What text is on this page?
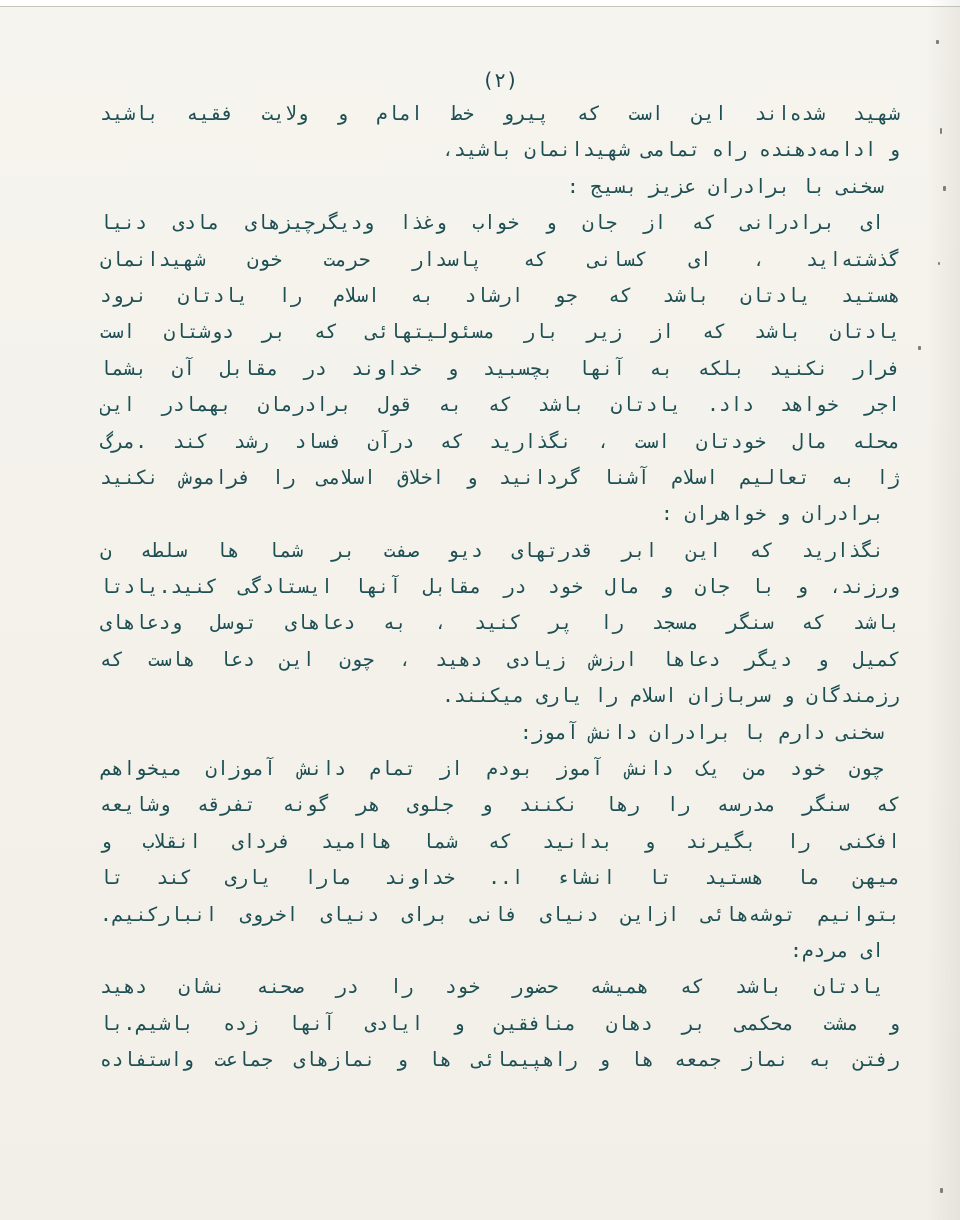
(۲)
شهید شده‌اند این است که پیرو خط امام و ولایت فقیه باشید
و ادامه‌دهنده راه تمامی شهیدانمان باشید،
سخنی با برادران عزیز بسیج :
ای برادرانی که از جان و خواب وغذا ودیگرچیزهای مادی دنیا
گذشته‌اید ، ای کسانی که پاسدار حرمت خون شهیدانمان
هستید یادتان باشد که جو ارشاد به اسلام را یادتان نرود
یادتان باشد که از زیر بار مسئولیتهائی که بر دوشتان است
فرار نکنید بلکه به آنها بچسبید و خداوند در مقابل آن بشما
اجر خواهد داد. یادتان باشد که به قول برادرمان بهمادر این
محله مال خودتان است ، نگذارید که درآن فساد رشد کند .مرگ
ژا به تعالیم اسلام آشنا گردانید و اخلاق اسلامی را فراموش نکنید
برادران و خواهران :
نگذارید که این ابر قدرتهای دیو صفت بر شما ها سلطه ن
ورزند، و با جان و مال خود در مقابل آنها ایستادگی کنید.یادتا
باشد که سنگر مسجد را پر کنید ، به دعاهای توسل ودعاهای
کمیل و دیگر دعاها ارزش زیادی دهید ، چون این دعا هاست که
رزمندگان و سربازان اسلام را یاری میکنند.
سخنی دارم با برادران دانش آموز:
چون خود من یک دانش آموز بودم از تمام دانش آموزان میخواهم
که سنگر مدرسه را رها نکنند و جلوی هر گونه تفرقه وشایعه
افکنی را بگیرند و بدانید که شما هاامید فردای انقلاب و
میهن ما هستید تا انشاء ا.. خداوند مارا یاری کند تا
بتوانیم توشه‌هائی ازاین دنیای فانی برای دنیای اخروی انبارکنیم.
ای مردم:
یادتان باشد که همیشه حضور خود را در صحنه نشان دهید
و مشت محکمی بر دهان منافقین و ایادی آنها زده باشیم.با
رفتن به نماز جمعه ها و راهپیمائی ها و نمازهای جماعت واستفاده
